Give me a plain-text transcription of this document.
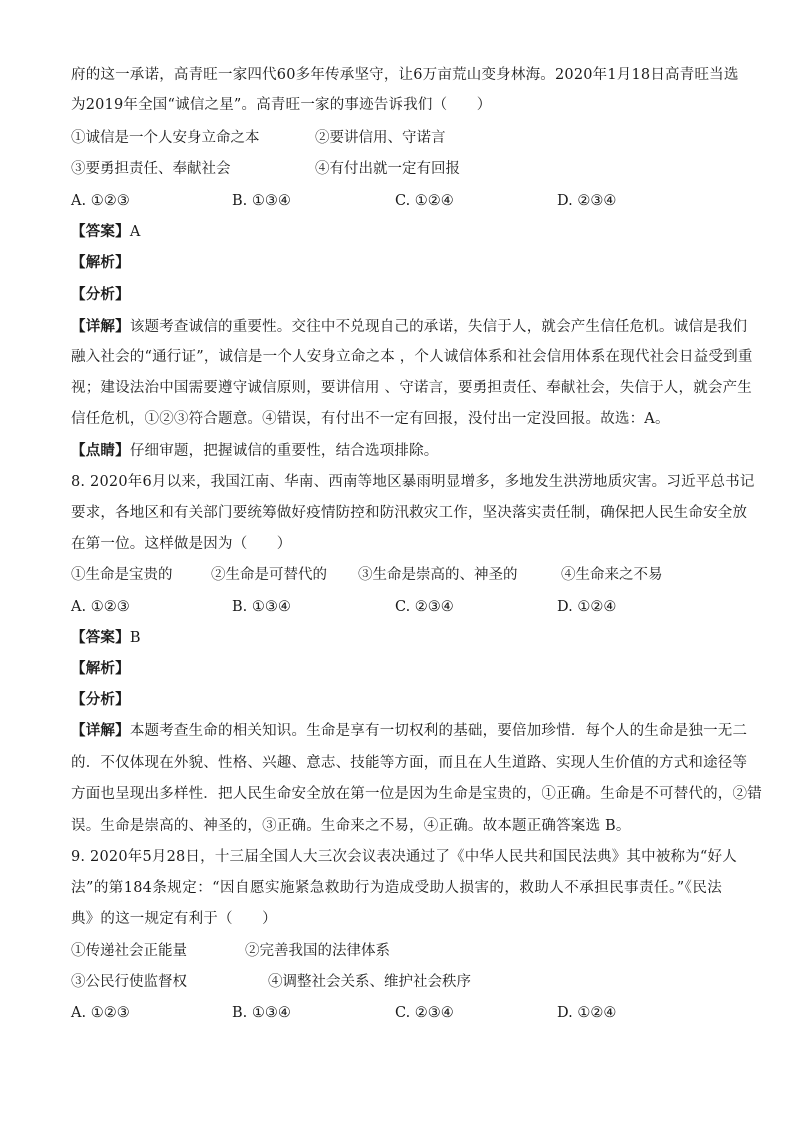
府的这一承诺，高青旺一家四代60多年传承坚守，让6万亩荒山变身林海。2020年1月18日高青旺当选
为2019年全国“诚信之星”。高青旺一家的事迹告诉我们（　　）
①诚信是一个人安身立命之本	②要讲信用、守诺言
③要勇担责任、奉献社会	④有付出就一定有回报
A. ①②③	B. ①③④	C. ①②④	D. ②③④
【答案】A
【解析】
【分析】
【详解】该题考查诚信的重要性。交往中不兑现自己的承诺，失信于人，就会产生信任危机。诚信是我们
融入社会的“通行证”，诚信是一个人安身立命之本 ，个人诚信体系和社会信用体系在现代社会日益受到重
视；建设法治中国需要遵守诚信原则，要讲信用 、守诺言，要勇担责任、奉献社会，失信于人，就会产生
信任危机，①②③符合题意。④错误，有付出不一定有回报，没付出一定没回报。故选：A。
【点睛】仔细审题，把握诚信的重要性，结合选项排除。
8. 2020年6月以来，我国江南、华南、西南等地区暴雨明显增多，多地发生洪涝地质灾害。习近平总书记
要求，各地区和有关部门要统筹做好疫情防控和防汛救灾工作，坚决落实责任制，确保把人民生命安全放
在第一位。这样做是因为（　　）
①生命是宝贵的	②生命是可替代的 ③生命是崇高的、神圣的	④生命来之不易
A. ①②③	B. ①③④	C. ②③④	D. ①②④
【答案】B
【解析】
【分析】
【详解】本题考查生命的相关知识。生命是享有一切权利的基础，要倍加珍惜．每个人的生命是独一无二
的．不仅体现在外貌、性格、兴趣、意志、技能等方面，而且在人生道路、实现人生价值的方式和途径等
方面也呈现出多样性．把人民生命安全放在第一位是因为生命是宝贵的，①正确。生命是不可替代的，②错
误。生命是崇高的、神圣的，③正确。生命来之不易，④正确。故本题正确答案选 B。
9. 2020年5月28日，十三届全国人大三次会议表决通过了《中华人民共和国民法典》其中被称为“好人
法”的第184条规定：“因自愿实施紧急救助行为造成受助人损害的，救助人不承担民事责任。”《民法
典》的这一规定有利于（　　）
①传递社会正能量	②完善我国的法律体系
③公民行使监督权	④调整社会关系、维护社会秩序
A. ①②③	B. ①③④	C. ②③④	D. ①②④
